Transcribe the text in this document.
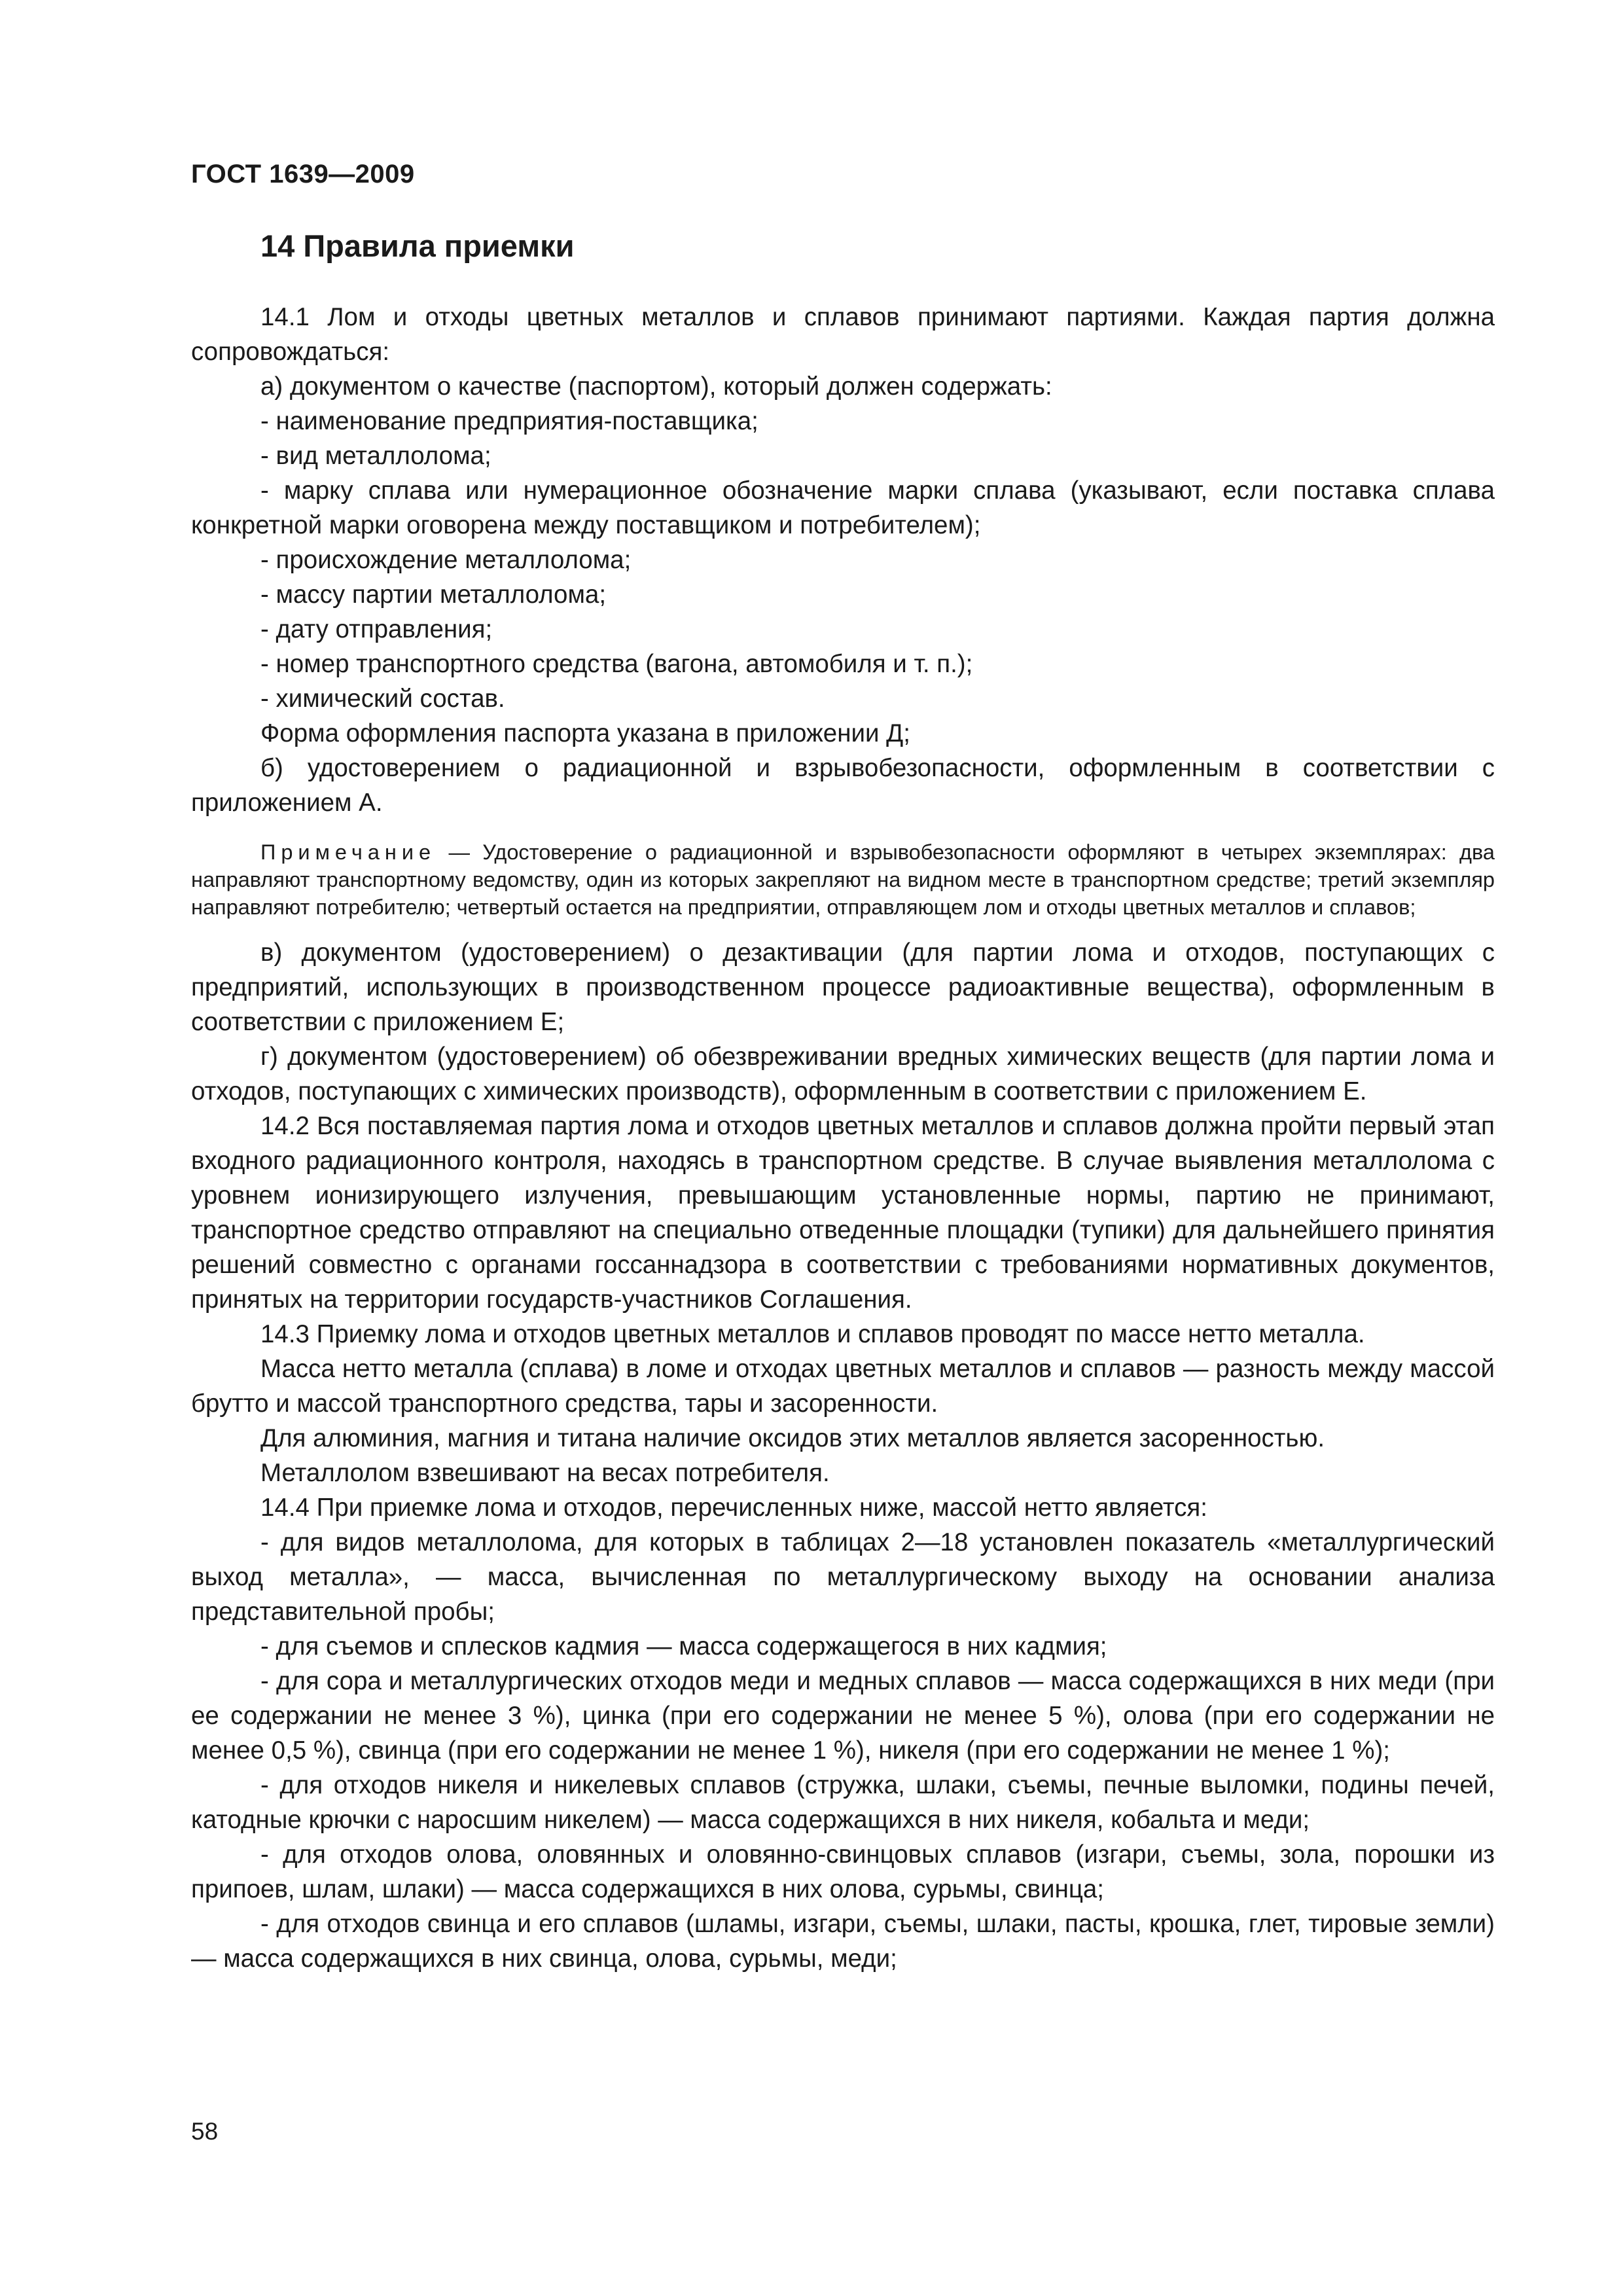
ГОСТ 1639—2009
14 Правила приемки

14.1 Лом и отходы цветных металлов и сплавов принимают партиями. Каждая партия должна сопровождаться:

а) документом о качестве (паспортом), который должен содержать:

- наименование предприятия-поставщика;

- вид металлолома;

- марку сплава или нумерационное обозначение марки сплава (указывают, если поставка сплава конкретной марки оговорена между поставщиком и потребителем);

- происхождение металлолома;

- массу партии металлолома;

- дату отправления;

- номер транспортного средства (вагона, автомобиля и т. п.);

- химический состав.

Форма оформления паспорта указана в приложении Д;

б) удостоверением о радиационной и взрывобезопасности, оформленным в соответствии с приложением А.

Примечание — Удостоверение о радиационной и взрывобезопасности оформляют в четырех экземплярах: два направляют транспортному ведомству, один из которых закрепляют на видном месте в транспортном средстве; третий экземпляр направляют потребителю; четвертый остается на предприятии, отправляющем лом и отходы цветных металлов и сплавов;

в) документом (удостоверением) о дезактивации (для партии лома и отходов, поступающих с предприятий, использующих в производственном процессе радиоактивные вещества), оформленным в соответствии с приложением Е;

г) документом (удостоверением) об обезвреживании вредных химических веществ (для партии лома и отходов, поступающих с химических производств), оформленным в соответствии с приложением Е.

14.2 Вся поставляемая партия лома и отходов цветных металлов и сплавов должна пройти первый этап входного радиационного контроля, находясь в транспортном средстве. В случае выявления металлолома с уровнем ионизирующего излучения, превышающим установленные нормы, партию не принимают, транспортное средство отправляют на специально отведенные площадки (тупики) для дальнейшего принятия решений совместно с органами госсаннадзора в соответствии с требованиями нормативных документов, принятых на территории государств-участников Соглашения.

14.3 Приемку лома и отходов цветных металлов и сплавов проводят по массе нетто металла.

Масса нетто металла (сплава) в ломе и отходах цветных металлов и сплавов — разность между массой брутто и массой транспортного средства, тары и засоренности.

Для алюминия, магния и титана наличие оксидов этих металлов является засоренностью.

Металлолом взвешивают на весах потребителя.

14.4 При приемке лома и отходов, перечисленных ниже, массой нетто является:

- для видов металлолома, для которых в таблицах 2—18 установлен показатель «металлургический выход металла», — масса, вычисленная по металлургическому выходу на основании анализа представительной пробы;

- для съемов и сплесков кадмия — масса содержащегося в них кадмия;

- для сора и металлургических отходов меди и медных сплавов — масса содержащихся в них меди (при ее содержании не менее 3 %), цинка (при его содержании не менее 5 %), олова (при его содержании не менее 0,5 %), свинца (при его содержании не менее 1 %), никеля (при его содержании не менее 1 %);

- для отходов никеля и никелевых сплавов (стружка, шлаки, съемы, печные выломки, подины печей, катодные крючки с наросшим никелем) — масса содержащихся в них никеля, кобальта и меди;

- для отходов олова, оловянных и оловянно-свинцовых сплавов (изгари, съемы, зола, порошки из припоев, шлам, шлаки) — масса содержащихся в них олова, сурьмы, свинца;

- для отходов свинца и его сплавов (шламы, изгари, съемы, шлаки, пасты, крошка, глет, тировые земли) — масса содержащихся в них свинца, олова, сурьмы, меди;

58
